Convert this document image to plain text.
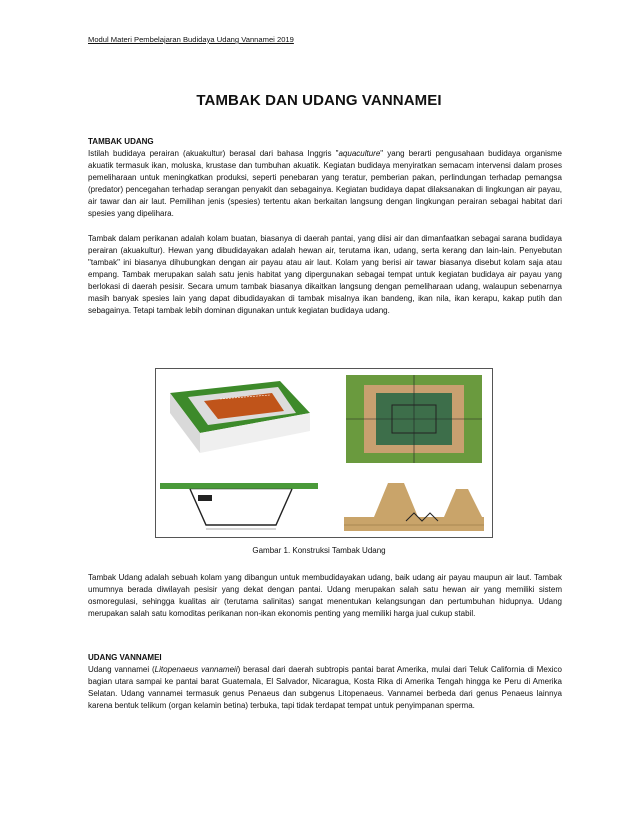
Modul Materi Pembelajaran Budidaya Udang Vannamei 2019
TAMBAK DAN UDANG VANNAMEI
TAMBAK UDANG

Istilah budidaya perairan (akuakultur) berasal dari bahasa Inggris "aquaculture" yang berarti pengusahaan budidaya organisme akuatik termasuk ikan, moluska, krustase dan tumbuhan akuatik. Kegiatan budidaya menyiratkan semacam intervensi dalam proses pemeliharaan untuk meningkatkan produksi, seperti penebaran yang teratur, pemberian pakan, perlindungan terhadap pemangsa (predator) pencegahan terhadap serangan penyakit dan sebagainya. Kegiatan budidaya dapat dilaksanakan di lingkungan air payau, air tawar dan air laut. Pemilihan jenis (spesies) tertentu akan berkaitan langsung dengan lingkungan perairan sebagai habitat dari spesies yang dipelihara.

Tambak dalam perikanan adalah kolam buatan, biasanya di daerah pantai, yang diisi air dan dimanfaatkan sebagai sarana budidaya perairan (akuakultur). Hewan yang dibudidayakan adalah hewan air, terutama ikan, udang, serta kerang dan lain-lain. Penyebutan "tambak" ini biasanya dihubungkan dengan air payau atau air laut. Kolam yang berisi air tawar biasanya disebut kolam saja atau empang. Tambak merupakan salah satu jenis habitat yang dipergunakan sebagai tempat untuk kegiatan budidaya air payau yang berlokasi di daerah pesisir. Secara umum tambak biasanya dikaitkan langsung dengan pemeliharaan udang, walaupun sebenarnya masih banyak spesies lain yang dapat dibudidayakan di tambak misalnya ikan bandeng, ikan nila, ikan kerapu, kakap putih dan sebagainya. Tetapi tambak lebih dominan digunakan untuk kegiatan budidaya udang.

Gambar 1. Konstruksi Tambak Udang

Tambak Udang adalah sebuah kolam yang dibangun untuk membudidayakan udang, baik udang air payau maupun air laut. Tambak umumnya berada diwilayah pesisir yang dekat dengan pantai. Udang merupakan salah satu hewan air yang memiliki sistem osmoregulasi, sehingga kualitas air (terutama salinitas) sangat menentukan kelangsungan dan pertumbuhan hidupnya. Udang merupakan salah satu komoditas perikanan non-ikan ekonomis penting yang memiliki harga jual cukup stabil.

UDANG VANNAMEI

Udang vannamei (Litopenaeus vannameii) berasal dari daerah subtropis pantai barat Amerika, mulai dari Teluk California di Mexico bagian utara sampai ke pantai barat Guatemala, El Salvador, Nicaragua, Kosta Rika di Amerika Tengah hingga ke Peru di Amerika Selatan. Udang vannamei termasuk genus Penaeus dan subgenus Litopenaeus. Vannamei berbeda dari genus Penaeus lainnya karena bentuk telikum (organ kelamin betina) terbuka, tapi tidak terdapat tempat untuk penyimpanan sperma.
